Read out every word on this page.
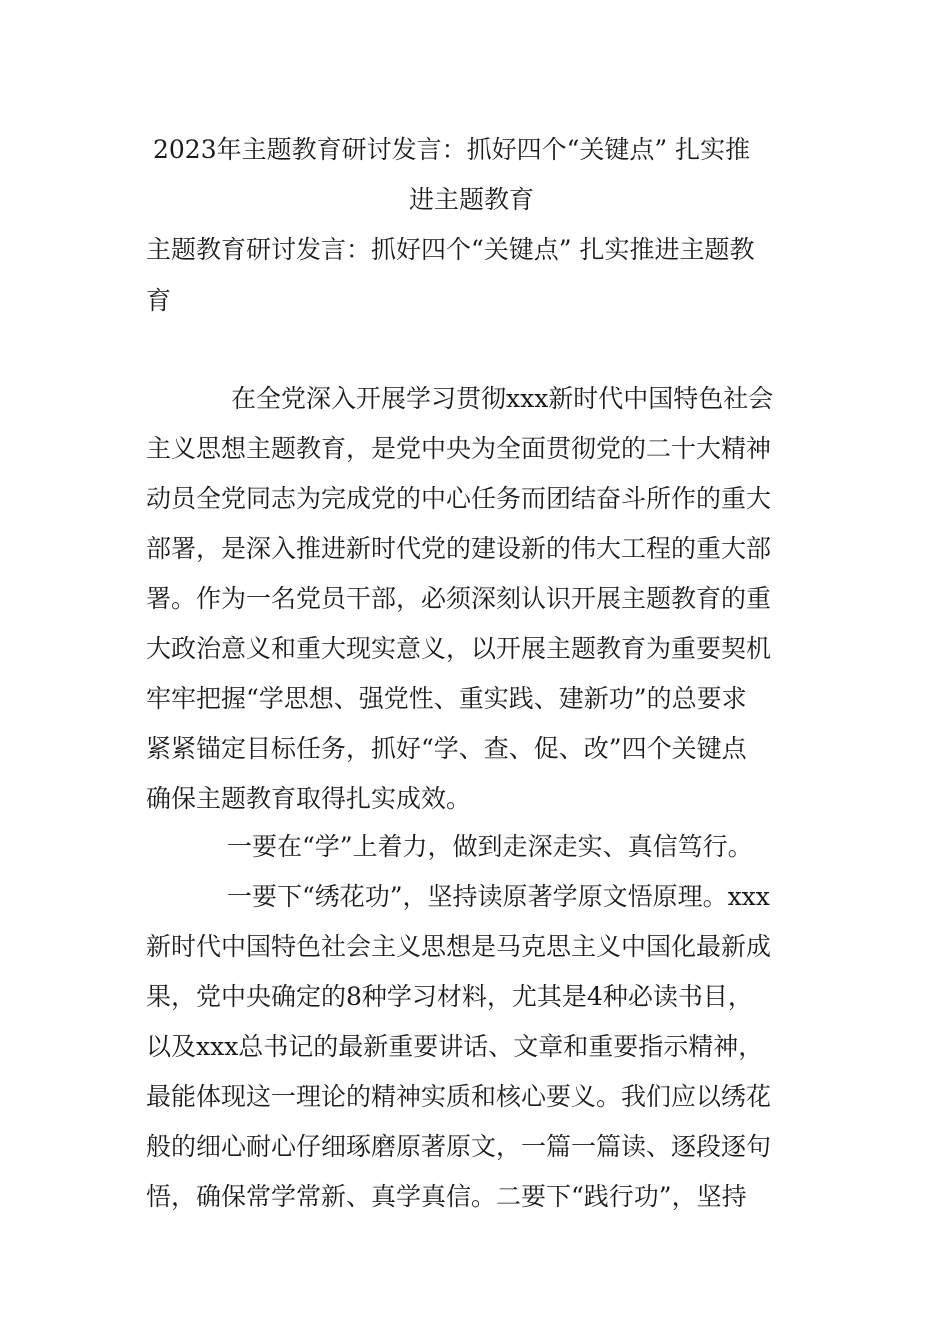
2023年主题教育研讨发言：抓好四个“关键点” 扎实推
进主题教育

主题教育研讨发言：抓好四个“关键点” 扎实推进主题教

育

在全党深入开展学习贯彻xxx新时代中国特色社会

主义思想主题教育，是党中央为全面贯彻党的二十大精神

动员全党同志为完成党的中心任务而团结奋斗所作的重大

部署，是深入推进新时代党的建设新的伟大工程的重大部

署。作为一名党员干部，必须深刻认识开展主题教育的重

大政治意义和重大现实意义，以开展主题教育为重要契机

牢牢把握“学思想、强党性、重实践、建新功”的总要求

紧紧锚定目标任务，抓好“学、查、促、改”四个关键点

确保主题教育取得扎实成效。

一要在“学”上着力，做到走深走实、真信笃行。

一要下“绣花功”，坚持读原著学原文悟原理。xxx

新时代中国特色社会主义思想是马克思主义中国化最新成

果，党中央确定的8种学习材料，尤其是4种必读书目，

以及xxx总书记的最新重要讲话、文章和重要指示精神，

最能体现这一理论的精神实质和核心要义。我们应以绣花

般的细心耐心仔细琢磨原著原文，一篇一篇读、逐段逐句

悟，确保常学常新、真学真信。二要下“践行功”，坚持
